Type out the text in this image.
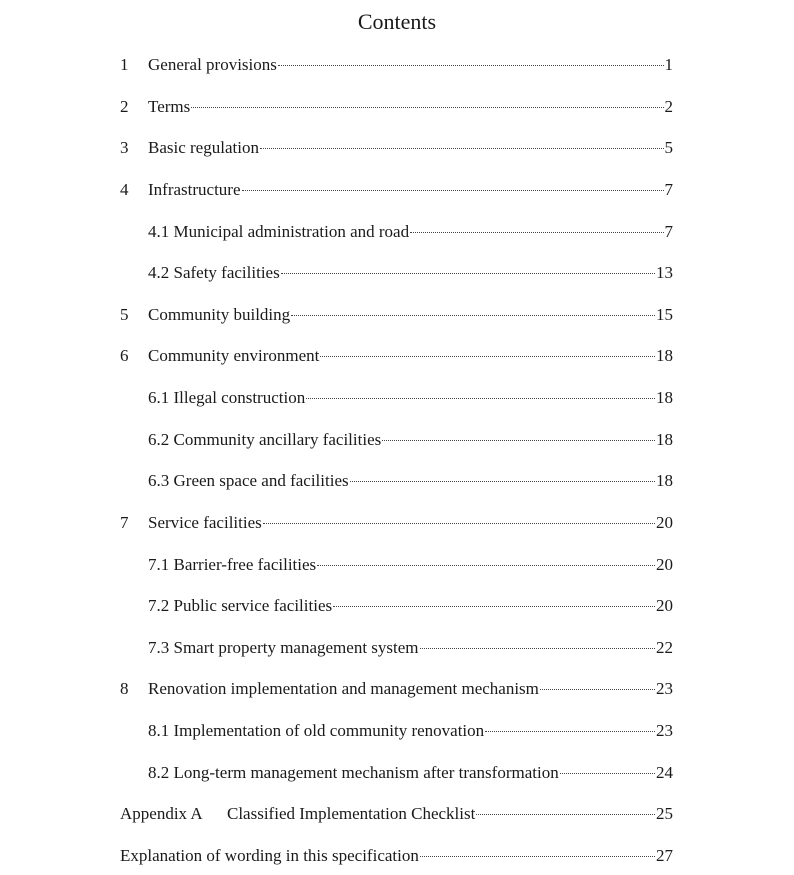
Contents
1	General provisions	1
2	Terms	2
3	Basic regulation	5
4	Infrastructure	7
4.1 Municipal administration and road	7
4.2 Safety facilities	13
5	Community building	15
6	Community environment	18
6.1 Illegal construction	18
6.2 Community ancillary facilities	18
6.3 Green space and facilities	18
7	Service facilities	20
7.1 Barrier-free facilities	20
7.2 Public service facilities	20
7.3 Smart property management system	22
8	Renovation implementation and management mechanism	23
8.1 Implementation of old community renovation	23
8.2 Long-term management mechanism after transformation	24
Appendix A	Classified Implementation Checklist	25
Explanation of wording in this specification	27
